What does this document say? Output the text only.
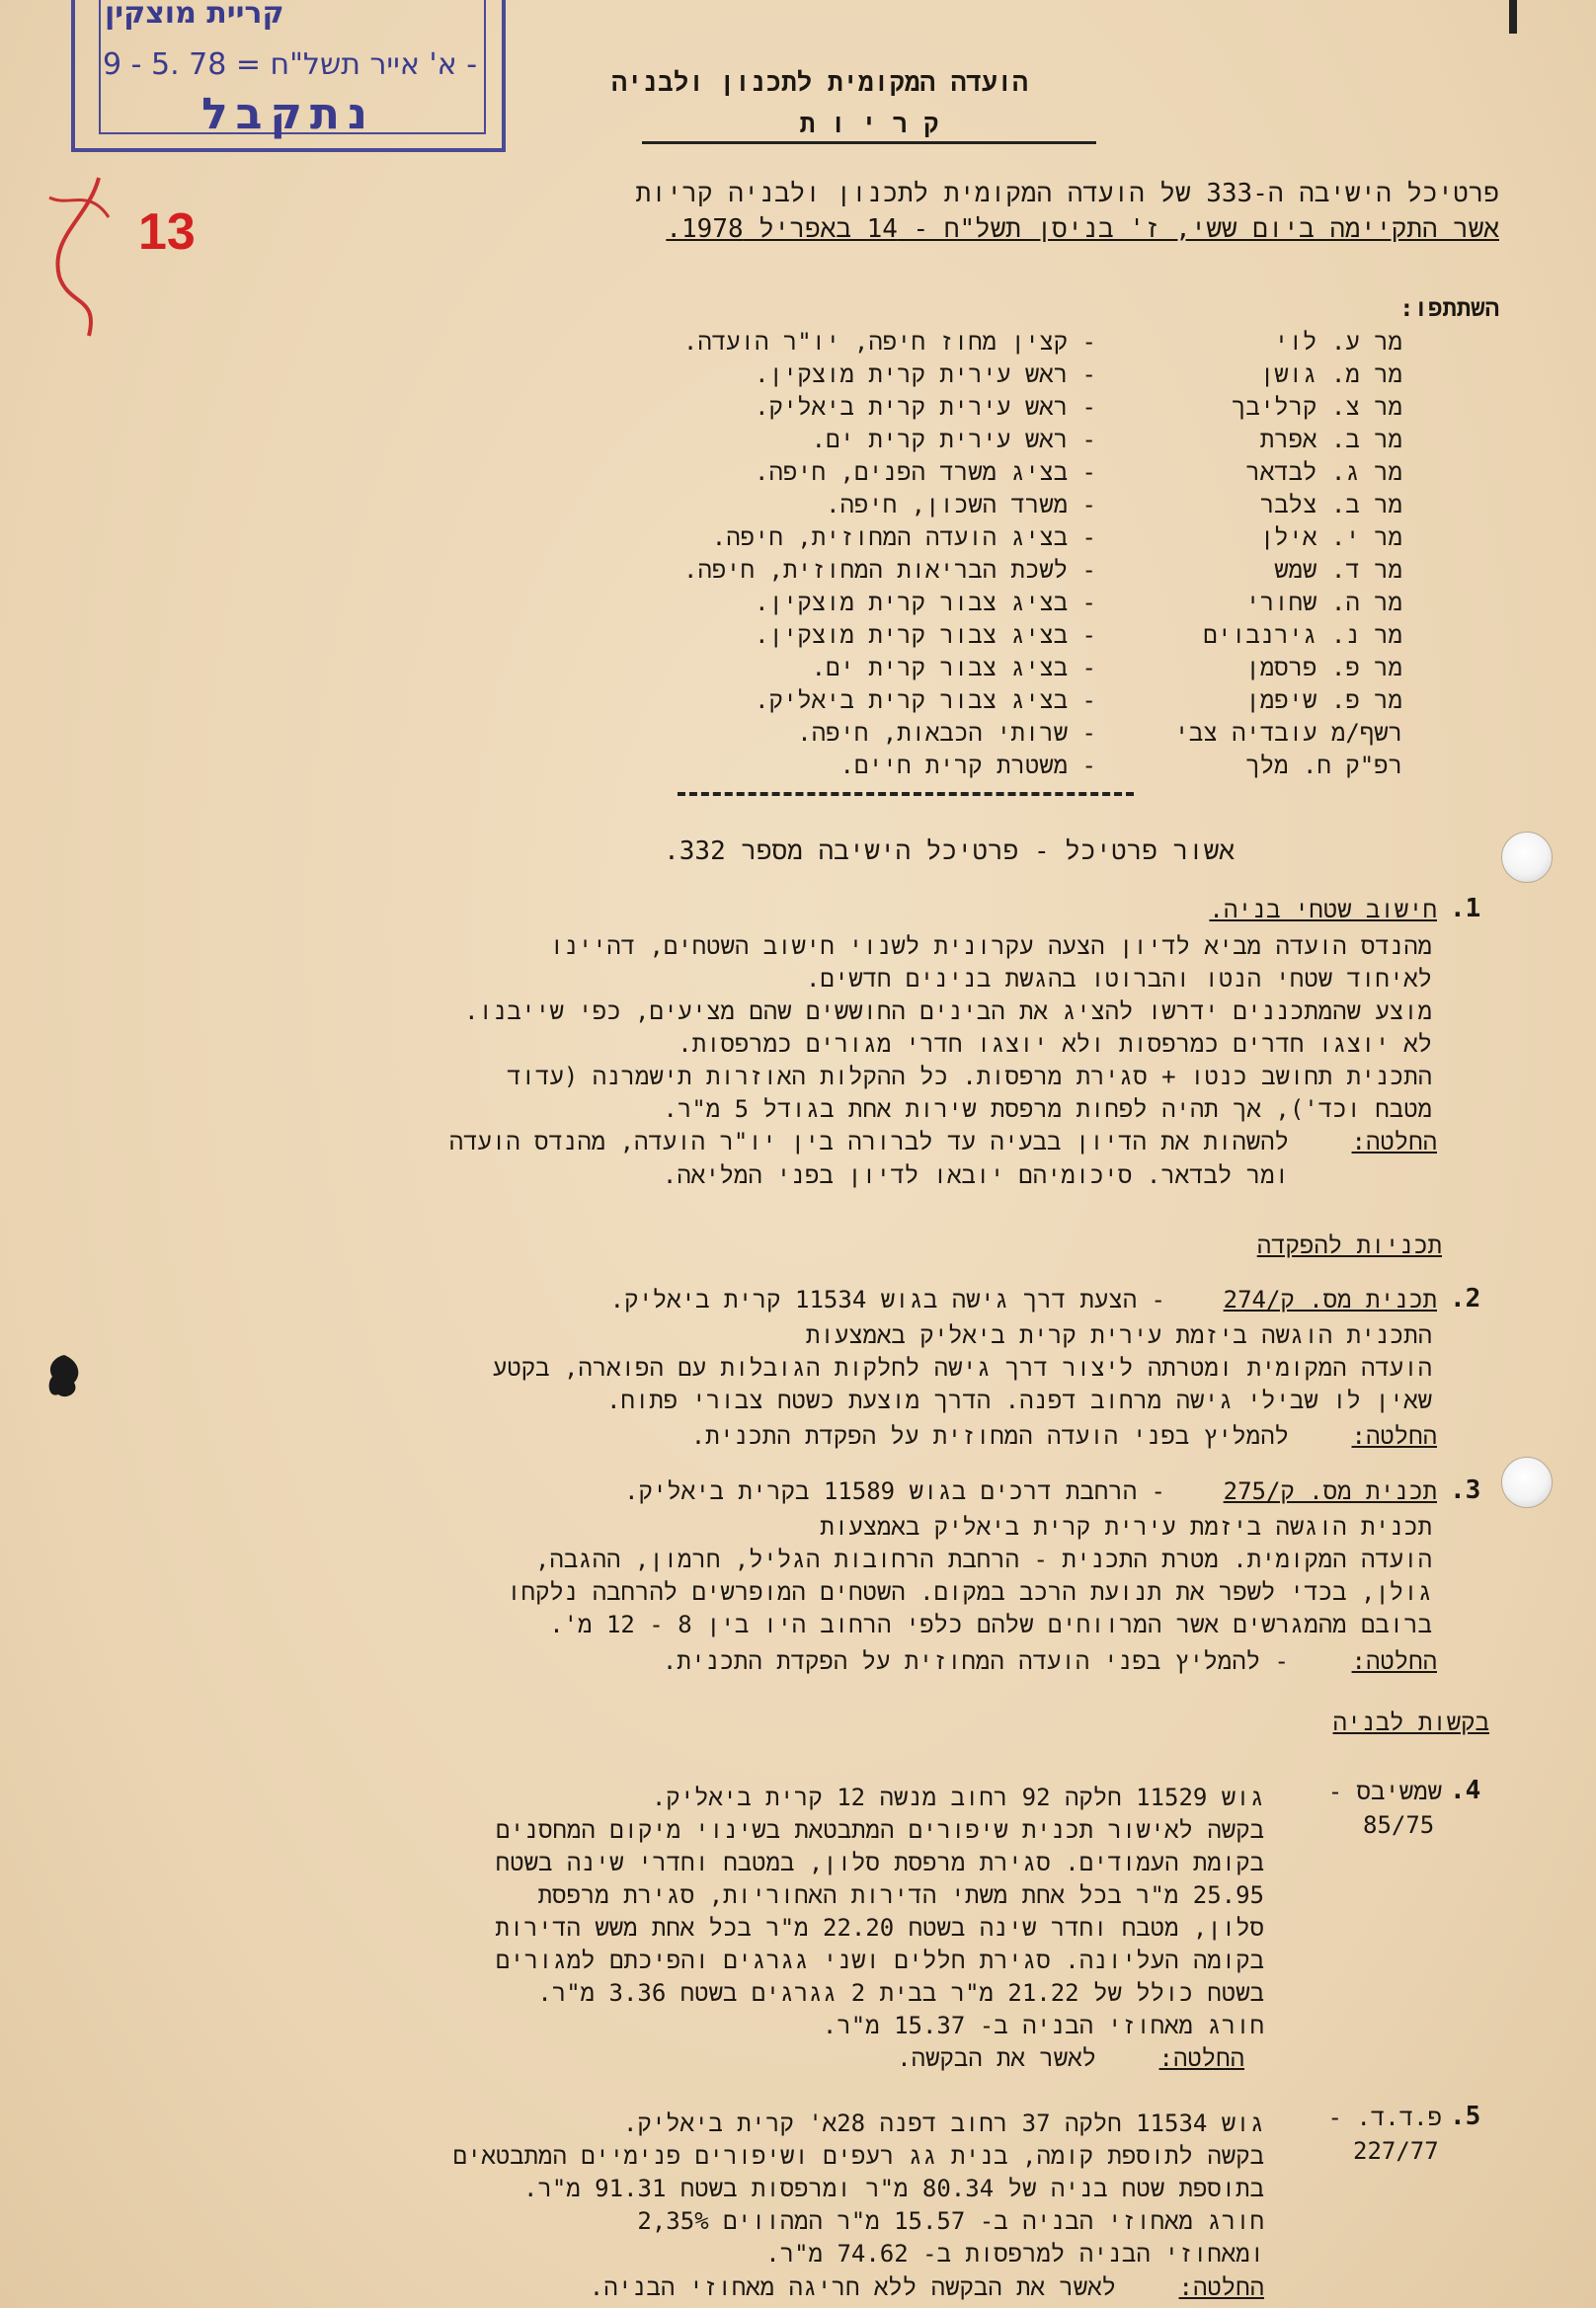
קריית מוצקין
9 - 5. 78 = א' אייר תשל"ח -
נתקבל
13
הועדה המקומית לתכנון ולבניה
ק ר י ו ת
פרטיכל הישיבה ה-333 של הועדה המקומית לתכנון ולבניה קריות
אשר התקיימה ביום ששי, ז' בניסן תשל"ח - 14 באפריל 1978.
השתתפו:
מר ע. לוי
- קצין מחוז חיפה, יו"ר הועדה.
מר מ. גושן
- ראש עירית קרית מוצקין.
מר צ. קרליבך
- ראש עירית קרית ביאליק.
מר ב. אפרת
- ראש עירית קרית ים.
מר ג. לבדאר
- בציג משרד הפנים, חיפה.
מר ב. צלבר
- משרד השכון, חיפה.
מר י. אילן
- בציג הועדה המחוזית, חיפה.
מר ד. שמש
- לשכת הבריאות המחוזית, חיפה.
מר ה. שחורי
- בציג צבור קרית מוצקין.
מר נ. גירנבוים
- בציג צבור קרית מוצקין.
מר פ. פרסמן
- בציג צבור קרית ים.
מר פ. שיפמן
- בציג צבור קרית ביאליק.
רשף/מ עובדיה צבי
- שרותי הכבאות, חיפה.
רפ"ק ח. מלך
- משטרת קרית חיים.
אשור פרטיכל - פרטיכל הישיבה מספר 332.
.1
חישוב שטחי בניה.
מהנדס הועדה מביא לדיון הצעה עקרונית לשנוי חישוב השטחים, דהיינו
לאיחוד שטחי הנטו והברוטו בהגשת בנינים חדשים.
מוצע שהמתכננים ידרשו להציג את הבינים החוששים שהם מציעים, כפי שייבנו.
לא יוצגו חדרים כמרפסות ולא יוצגו חדרי מגורים כמרפסות.
התכנית תחושב כנטו + סגירת מרפסות. כל ההקלות האוזרות תישמרנה (עדוד
מטבח וכד'), אך תהיה לפחות מרפסת שירות אחת בגודל 5 מ"ר.
החלטה:
להשהות את הדיון בבעיה עד לברורה בין יו"ר הועדה, מהנדס הועדה
ומר לבדאר. סיכומיהם יובאו לדיון בפני המליאה.
תכניות להפקדה
.2
תכנית מס. ק/274
- הצעת דרך גישה בגוש 11534 קרית ביאליק.
התכנית הוגשה ביזמת עירית קרית ביאליק באמצעות
הועדה המקומית ומטרתה ליצור דרך גישה לחלקות הגובלות עם הפוארה, בקטע
שאין לו שבילי גישה מרחוב דפנה. הדרך מוצעת כשטח צבורי פתוח.
החלטה:
להמליץ בפני הועדה המחוזית על הפקדת התכנית.
.3
תכנית מס. ק/275
- הרחבת דרכים בגוש 11589 בקרית ביאליק.
תכנית הוגשה ביזמת עירית קרית ביאליק באמצעות
הועדה המקומית. מטרת התכנית - הרחבת הרחובות הגליל, חרמון, ההגבה,
גולן, בכדי לשפר את תנועת הרכב במקום. השטחים המופרשים להרחבה נלקחו
ברובם מהמגרשים אשר המרווחים שלהם כלפי הרחוב היו בין 8 - 12 מ'.
החלטה:
- להמליץ בפני הועדה המחוזית על הפקדת התכנית.
בקשות לבניה
.4
שמשיבס -
85/75
גוש 11529 חלקה 92 רחוב מנשה 12 קרית ביאליק.
בקשה לאישור תכנית שיפורים המתבטאת בשינוי מיקום המחסנים
בקומת העמודים. סגירת מרפסת סלון, במטבח וחדרי שינה בשטח
25.95 מ"ר בכל אחת משתי הדירות האחוריות, סגירת מרפסת
סלון, מטבח וחדר שינה בשטח 22.20 מ"ר בכל אחת משש הדירות
בקומה העליונה. סגירת חללים ושני גגרגים והפיכתם למגורים
בשטח כולל של 21.22 מ"ר בבית 2 גגרגים בשטח 3.36 מ"ר.
חורג מאחוזי הבניה ב- 15.37 מ"ר.
החלטה:
לאשר את הבקשה.
.5
פ.ד.ד. -
227/77
גוש 11534 חלקה 37 רחוב דפנה 28א' קרית ביאליק.
בקשה לתוספת קומה, בנית גג רעפים ושיפורים פנימיים המתבטאים
בתוספת שטח בניה של 80.34 מ"ר ומרפסות בשטח 91.31 מ"ר.
חורג מאחוזי הבניה ב- 15.57 מ"ר המהווים 2,35%
ומאחוזי הבניה למרפסות ב- 74.62 מ"ר.
החלטה:
לאשר את הבקשה ללא חריגה מאחוזי הבניה.
